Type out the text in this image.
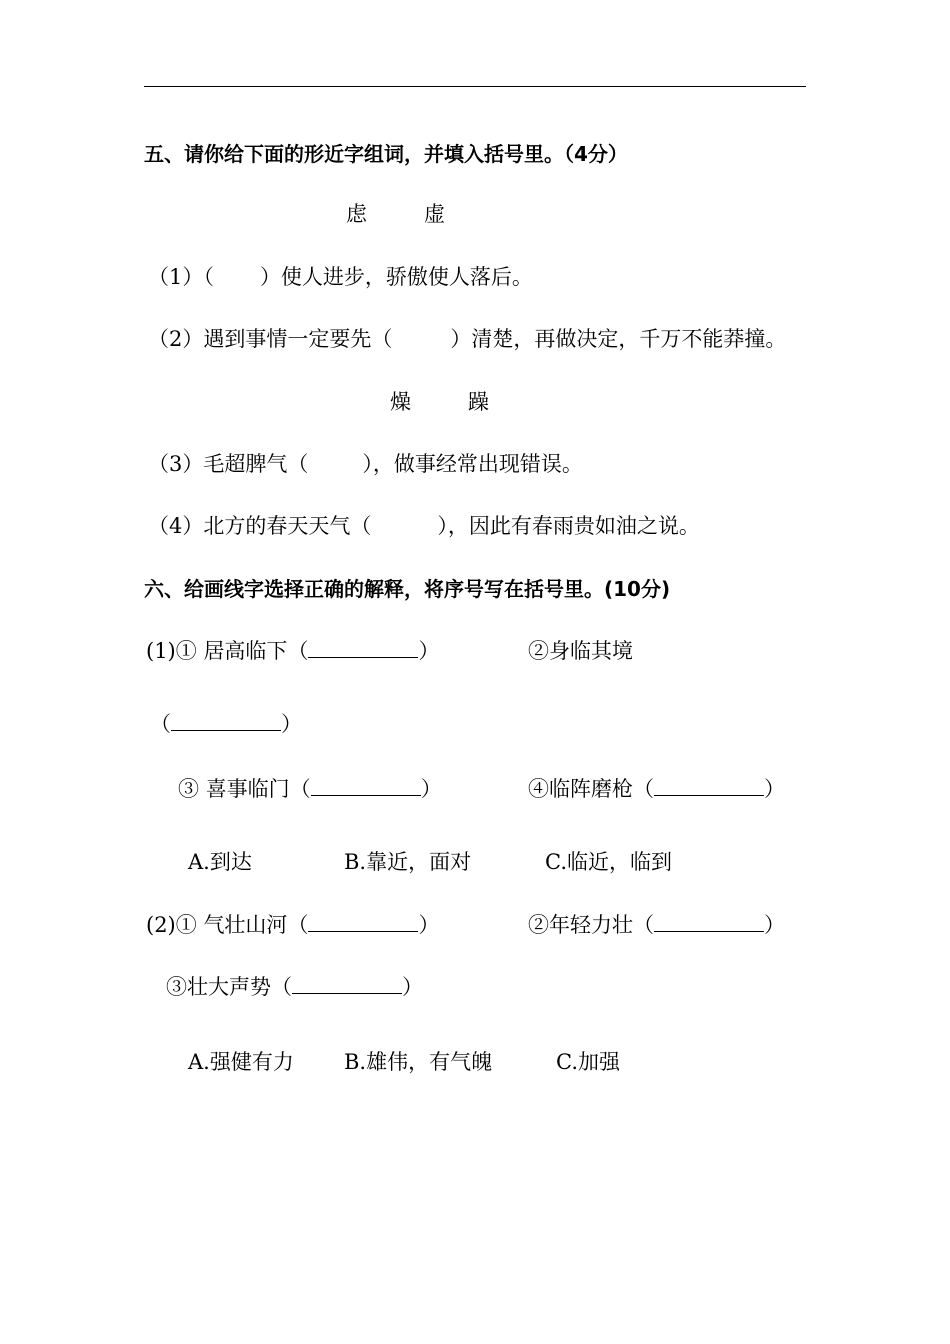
五、请你给下面的形近字组词，并填入括号里。（4分）
虑	虚
（1）（ ）使人进步，骄傲使人落后。
（2）遇到事情一定要先（	）清楚，再做决定，千万不能莽撞。
燥	躁
（3）毛超脾气（	），做事经常出现错误。
（4）北方的春天天气（	），因此有春雨贵如油之说。
六、给画线字选择正确的解释，将序号写在括号里。(10分)
(1)① 居高临下（	）	②身临其境
（	）
③ 喜事临门（	）	④临阵磨枪（	）
A.到达	B.靠近，面对	C.临近，临到
(2)① 气壮山河（	）	②年轻力壮（	）
③壮大声势（	）
A.强健有力 B.雄伟，有气魄	C.加强
